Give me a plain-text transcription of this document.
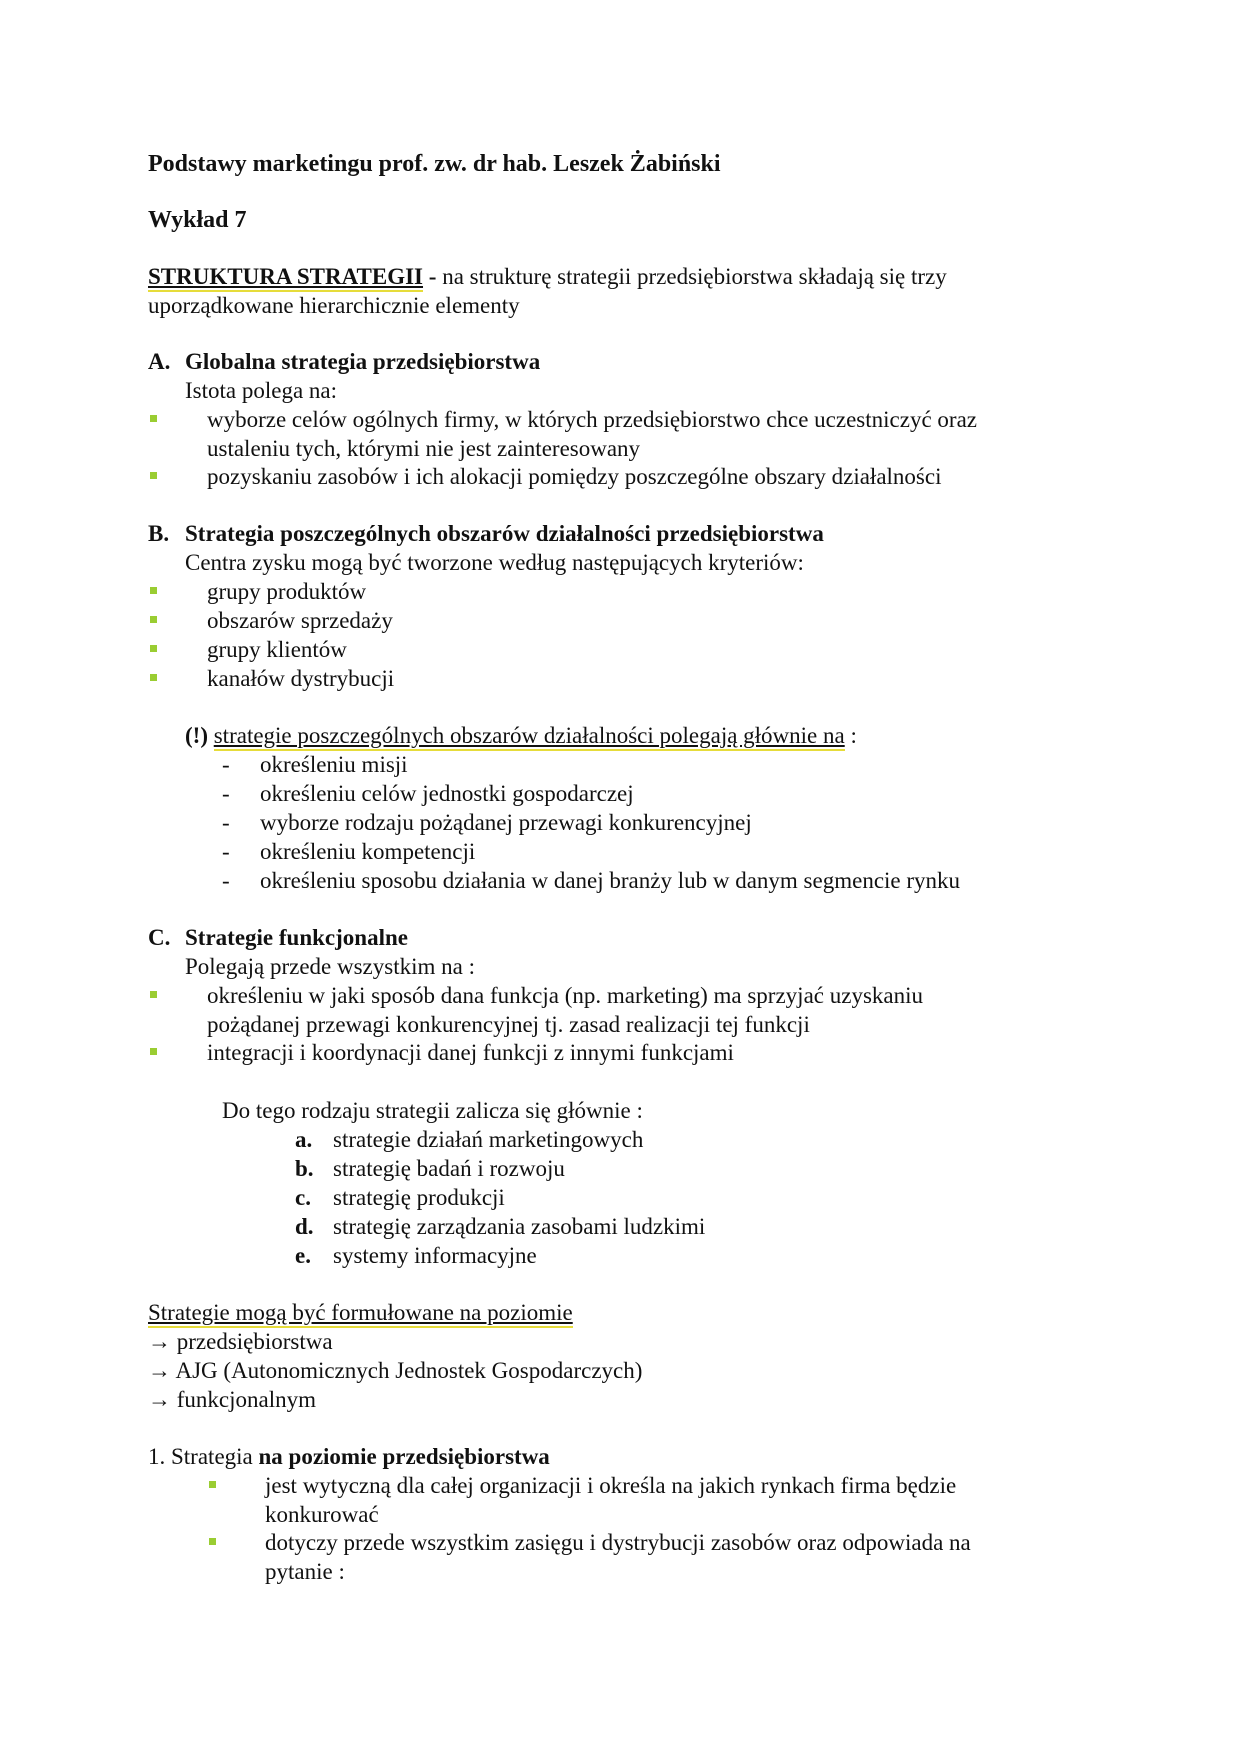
Podstawy marketingu prof. zw. dr hab. Leszek Żabiński
Wykład 7
STRUKTURA STRATEGII - na strukturę strategii przedsiębiorstwa składają się trzy
uporządkowane hierarchicznie elementy
A. Globalna strategia przedsiębiorstwa
Istota polega na:
wyborze celów ogólnych firmy, w których przedsiębiorstwo chce uczestniczyć oraz
ustaleniu tych, którymi nie jest zainteresowany
pozyskaniu zasobów i ich alokacji pomiędzy poszczególne obszary działalności
B. Strategia poszczególnych obszarów działalności przedsiębiorstwa
Centra zysku mogą być tworzone według następujących kryteriów:
grupy produktów
obszarów sprzedaży
grupy klientów
kanałów dystrybucji
(!) strategie poszczególnych obszarów działalności polegają głównie na :
- określeniu misji
- określeniu celów jednostki gospodarczej
- wyborze rodzaju pożądanej przewagi konkurencyjnej
- określeniu kompetencji
- określeniu sposobu działania w danej branży lub w danym segmencie rynku
C. Strategie funkcjonalne
Polegają przede wszystkim na :
określeniu w jaki sposób dana funkcja (np. marketing) ma sprzyjać uzyskaniu
pożądanej przewagi konkurencyjnej tj. zasad realizacji tej funkcji
integracji i koordynacji danej funkcji z innymi funkcjami
Do tego rodzaju strategii zalicza się głównie :
a. strategie działań marketingowych
b. strategię badań i rozwoju
c. strategię produkcji
d. strategię zarządzania zasobami ludzkimi
e. systemy informacyjne
Strategie mogą być formułowane na poziomie
→ przedsiębiorstwa
→ AJG (Autonomicznych Jednostek Gospodarczych)
→ funkcjonalnym
1. Strategia na poziomie przedsiębiorstwa
jest wytyczną dla całej organizacji i określa na jakich rynkach firma będzie
konkurować
dotyczy przede wszystkim zasięgu i dystrybucji zasobów oraz odpowiada na
pytanie :
